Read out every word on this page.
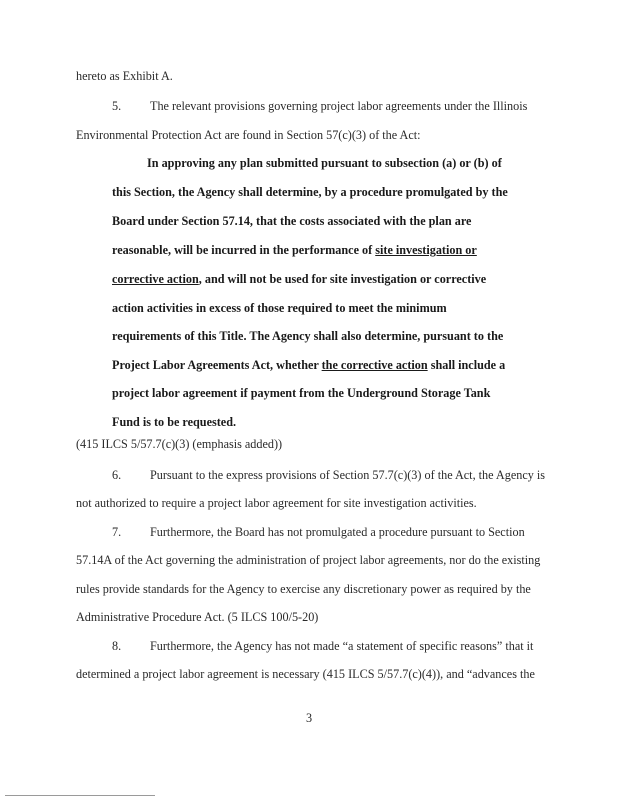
hereto as Exhibit A.
5. The relevant provisions governing project labor agreements under the Illinois
Environmental Protection Act are found in Section 57(c)(3) of the Act:
In approving any plan submitted pursuant to subsection (a) or (b) of
this Section, the Agency shall determine, by a procedure promulgated by the
Board under Section 57.14, that the costs associated with the plan are
reasonable, will be incurred in the performance of site investigation or
corrective action, and will not be used for site investigation or corrective
action activities in excess of those required to meet the minimum
requirements of this Title. The Agency shall also determine, pursuant to the
Project Labor Agreements Act, whether the corrective action shall include a
project labor agreement if payment from the Underground Storage Tank
Fund is to be requested.
(415 ILCS 5/57.7(c)(3) (emphasis added))
6. Pursuant to the express provisions of Section 57.7(c)(3) of the Act, the Agency is
not authorized to require a project labor agreement for site investigation activities.
7. Furthermore, the Board has not promulgated a procedure pursuant to Section
57.14A of the Act governing the administration of project labor agreements, nor do the existing
rules provide standards for the Agency to exercise any discretionary power as required by the
Administrative Procedure Act. (5 ILCS 100/5-20)
8. Furthermore, the Agency has not made “a statement of specific reasons” that it
determined a project labor agreement is necessary (415 ILCS 5/57.7(c)(4)), and “advances the
3
